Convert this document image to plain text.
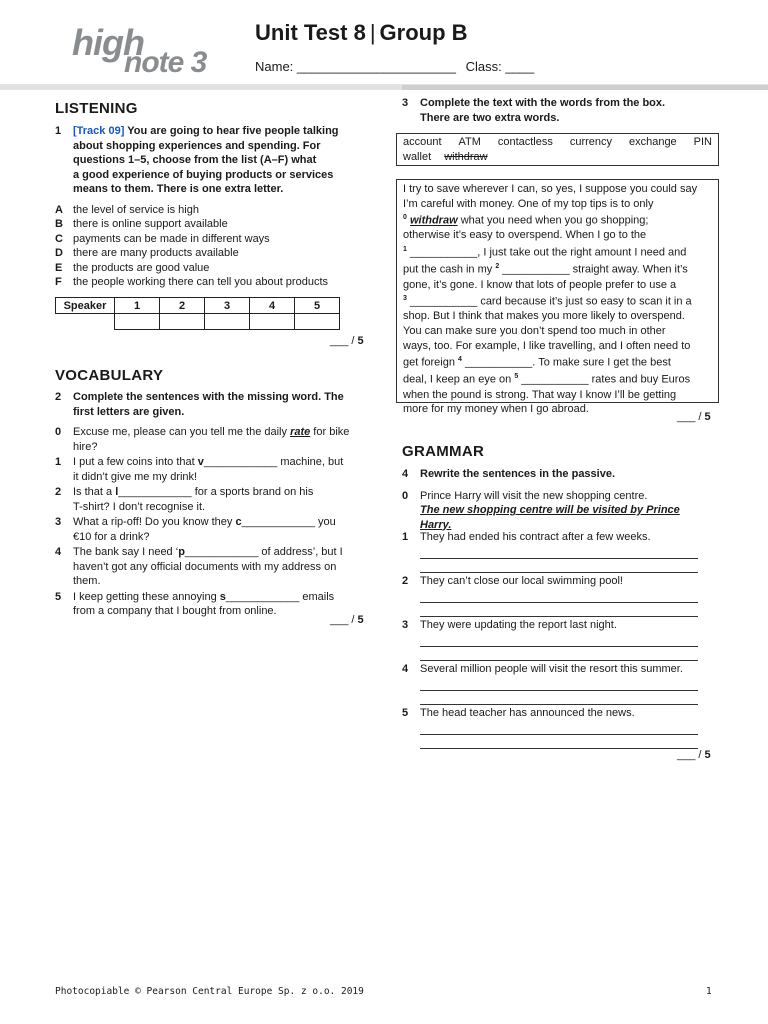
high
note 3
Unit Test 8 | Group B
Name: ______________________ Class: ____
LISTENING
1 [Track 09] You are going to hear five people talking
about shopping experiences and spending. For
questions 1–5, choose from the list (A–F) what
a good experience of buying products or services
means to them. There is one extra letter.
A the level of service is high
B there is online support available
C payments can be made in different ways
D there are many products available
E the products are good value
F	the people working there can tell you about products
Speaker	1	2	3	4	5

___ / 5
VOCABULARY
2 Complete the sentences with the missing word. The
first letters are given.
0 Excuse me, please can you tell me the daily rate for bike
hire?
1 I put a few coins into that v____________ machine, but
it didn’t give me my drink!
2 Is that a l____________ for a sports brand on his
T-shirt? I don’t recognise it.
3 What a rip-off! Do you know they c____________ you
€10 for a drink?
4 The bank say I need ‘p____________ of address’, but I
haven’t got any official documents with my address on
them.
5 I keep getting these annoying s____________ emails
from a company that I bought from online.
___ / 5
3 Complete the text with the words from the box.
There are two extra words.
account ATM contactless currency exchange PIN
wallet withdraw
I try to save wherever I can, so yes, I suppose you could say
I’m careful with money. One of my top tips is to only
$^0$ withdraw what you need when you go shopping;
otherwise it’s easy to overspend. When I go to the
$^1$ ___________, I just take out the right amount I need and
put the cash in my $^2$ ___________ straight away. When it’s
gone, it’s gone. I know that lots of people prefer to use a
$^3$ ___________ card because it’s just so easy to scan it in a
shop. But I think that makes you more likely to overspend.
You can make sure you don’t spend too much in other
ways, too. For example, I like travelling, and I often need to
get foreign $^4$ ___________. To make sure I get the best
deal, I keep an eye on $^5$ ___________ rates and buy Euros
when the pound is strong. That way I know I’ll be getting
more for my money when I go abroad.
___ / 5
GRAMMAR
4 Rewrite the sentences in the passive.
0 Prince Harry will visit the new shopping centre.
The new shopping centre will be visited by Prince
Harry.
1 They had ended his contract after a few weeks.
2 They can’t close our local swimming pool!
3 They were updating the report last night.
4 Several million people will visit the resort this summer.
5 The head teacher has announced the news.
___ / 5
Photocopiable © Pearson Central Europe Sp. z o.o. 2019	1
